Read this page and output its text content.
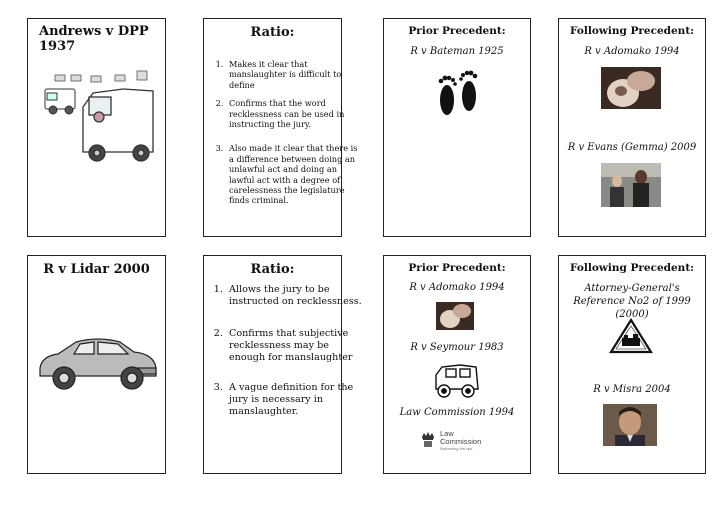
Andrews v DPP 1937
Ratio:
1. Makes it clear that manslaughter is difficult to define
2. Confirms that the word recklessness can be used in instructing the jury.
3. Also made it clear that there is a difference between doing an unlawful act and doing an lawful act with a degree of carelessness the legislature finds criminal.
Prior Precedent:
R v Bateman 1925
Following Precedent:
R v Adomako 1994
R v Evans (Gemma) 2009
R v Lidar 2000	Ratio:
1. Allows the jury to be instructed on recklessness.
2. Confirms that subjective recklessness may be enough for manslaughter
3. A vague definition for the jury is necessary in manslaughter.
Prior Precedent:
R v Adomako 1994
R v Seymour 1983
Law Commission 1994
Law Commission
Reforming the law
Following Precedent:
Attorney-General's Reference No2 of 1999 (2000)
R v Misra 2004
